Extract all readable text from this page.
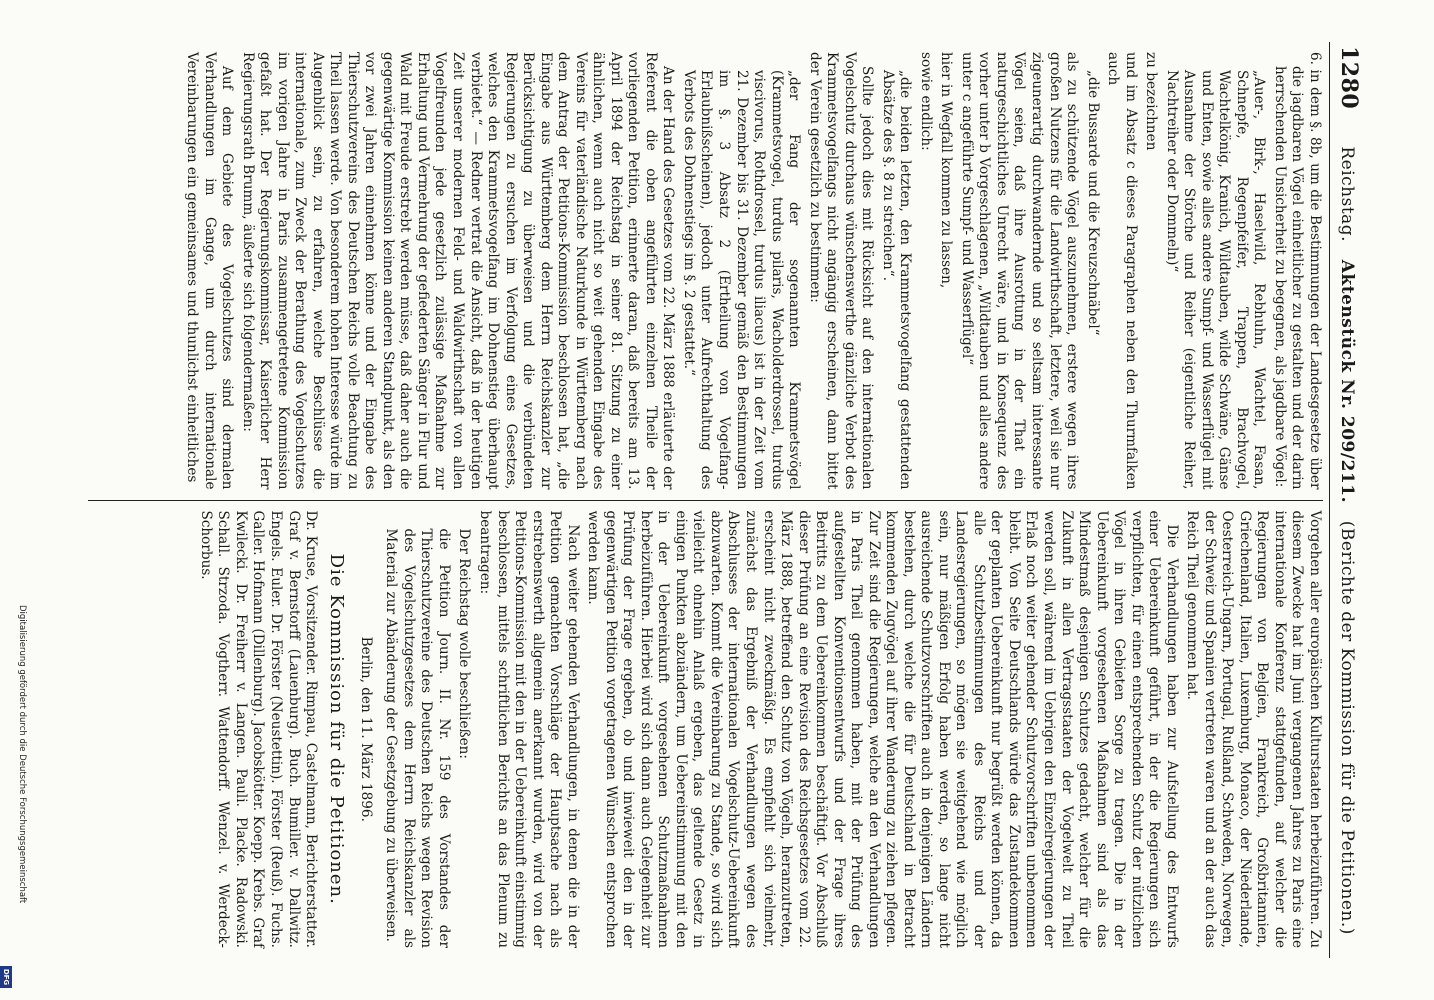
1280
Reichstag.   Aktenstück Nr. 209/211.   (Berichte der Kommission für die Petitionen.)

6. in dem §. 8b, um die Bestimmungen der Landesgesetze über die jagdbaren Vögel einheitlicher zu gestalten und der darin herrschenden Unsicherheit zu begegnen, als jagdbare Vögel:

„Auer-, Birk-, Haselwild, Rebhuhn, Wachtel, Fasan, Schnepfe, Regenpfeifer, Trappen, Brachvogel, Wachtelkönig, Kranich, Wildtauben, wilde Schwäne, Gänse und Enten, sowie alles andere Sumpf- und Wasserflügel mit Ausnahme der Störche und Reiher (eigentliche Reiher, Nachtreiher oder Dommeln)“

zu bezeichnen

und im Absatz c dieses Paragraphen neben den Thurmfalken auch

„die Bussarde und die Kreuzschnäbel“

als zu schützende Vögel auszunehmen, erstere wegen ihres großen Nutzens für die Landwirthschaft, letztere, weil sie nur zigeunerartig durchwandernde und so seltsam interessante Vögel seien, daß ihre Ausrottung in der That ein naturgeschichtliches Unrecht wäre, und in Konsequenz des vorher unter b Vorgeschlagenen, „Wildtauben und alles andere unter c angeführte Sumpf- und Wasserflügel“

hier in Wegfall kommen zu lassen,

sowie endlich:

„die beiden letzten, den Krammetsvogelfang gestattenden Absätze des §. 8 zu streichen“.

Sollte jedoch dies mit Rücksicht auf den internationalen Vogelschutz durchaus wünschenswerthe gänzliche Verbot des Krammetsvogelfangs nicht angängig erscheinen, dann bittet der Verein gesetzlich zu bestimmen:

„der Fang der sogenannten Krammetsvögel (Krammetsvogel, turdus pilaris, Wacholderdrossel, turdus viscivorus, Rothdrossel, turdus iliacus) ist in der Zeit vom 21. Dezember bis 31. Dezember gemäß den Bestimmungen im §. 3 Absatz 2 (Ertheilung von Vogelfang-Erlaubnißscheinen), jedoch unter Aufrechthaltung des Verbots des Dohnenstiegs im §. 2 gestattet.“

An der Hand des Gesetzes vom 22. März 1888 erläuterte der Referent die oben angeführten einzelnen Theile der vorliegenden Petition, erinnerte daran, daß bereits am 13. April 1894 der Reichstag in seiner 81. Sitzung zu einer ähnlichen, wenn auch nicht so weit gehenden Eingabe des Vereins für vaterländische Naturkunde in Württemberg nach dem Antrag der Petitions-Kommission beschlossen hat, „die Eingabe aus Württemberg dem Herrn Reichskanzler zur Berücksichtigung zu überweisen und die verbündeten Regierungen zu ersuchen im Verfolgung eines Gesetzes, welches den Krammetsvogelfang im Dohnenstieg überhaupt verbietet.“ — Redner vertrat die Ansicht, daß in der heutigen Zeit unserer modernen Feld- und Waldwirthschaft von allen Vogelfreunden jede gesetzlich zulässige Maßnahme zur Erhaltung und Vermehrung der gefiederten Sänger in Flur und Wald mit Freude erstrebt werden müsse, daß daher auch die gegenwärtige Kommission keinen anderen Standpunkt, als den vor zwei Jahren einnehmen könne und der Eingabe des Thierschutzvereins des Deutschen Reichs volle Beachtung zu Theil lassen werde. Von besonderem hohen Interesse würde im Augenblick sein, zu erfahren, welche Beschlüsse die internationale, zum Zweck der Berathung des Vogelschutzes im vorigen Jahre in Paris zusammengetretene Kommission gefaßt hat. Der Regierungskommissar, Kaiserlicher Herr Regierungsrath Brumm, äußerte sich folgendermaßen:

Auf dem Gebiete des Vogelschutzes sind dermalen Verhandlungen im Gange, um durch internationale Vereinbarungen ein gemeinsames und thunlichst einheitliches

Vorgehen aller europäischen Kulturstaaten herbeizuführen. Zu diesem Zwecke hat im Juni vergangenen Jahres zu Paris eine internationale Konferenz stattgefunden, auf welcher die Regierungen von Belgien, Frankreich, Großbritannien, Griechenland, Italien, Luxemburg, Monaco, der Niederlande, Oesterreich-Ungarn, Portugal, Rußland, Schweden, Norwegen, der Schweiz und Spanien vertreten waren und an der auch das Reich Theil genommen hat.

Die Verhandlungen haben zur Aufstellung des Entwurfs einer Uebereinkunft geführt, in der die Regierungen sich verpflichten, für einen entsprechenden Schutz der nützlichen Vögel in ihren Gebieten Sorge zu tragen. Die in der Uebereinkunft vorgesehenen Maßnahmen sind als das Mindestmaß desjenigen Schutzes gedacht, welcher für die Zukunft in allen Vertragsstaaten der Vogelwelt zu Theil werden soll, während im Uebrigen den Einzelregierungen der Erlaß noch weiter gehender Schutzvorschriften unbenommen bleibt. Von Seite Deutschlands würde das Zustandekommen der geplanten Uebereinkunft nur begrüßt werden können, da alle Schutzbestimmungen des Reichs und der Landesregierungen, so mögen sie weitgehend wie möglich sein, nur mäßigen Erfolg haben werden, so lange nicht ausreichende Schutzvorschriften auch in denjenigen Ländern bestehen, durch welche die für Deutschland in Betracht kommenden Zugvögel auf ihrer Wanderung zu ziehen pflegen. Zur Zeit sind die Regierungen, welche an den Verhandlungen in Paris Theil genommen haben, mit der Prüfung des aufgestellten Konventionsentwurfs und der Frage ihres Beitritts zu dem Uebereinkommen beschäftigt. Vor Abschluß dieser Prüfung an eine Revision des Reichsgesetzes vom 22. März 1888, betreffend den Schutz von Vögeln, heranzutreten, erscheint nicht zweckmäßig. Es empfiehlt sich vielmehr, zunächst das Ergebniß der Verhandlungen wegen des Abschlusses der internationalen Vogelschutz-Uebereinkunft abzuwarten. Kommt die Vereinbarung zu Stande, so wird sich vielleicht ohnehin Anlaß ergeben, das geltende Gesetz in einigen Punkten abzuändern, um Uebereinstimmung mit den in der Uebereinkunft vorgesehenen Schutzmaßnahmen herbeizuführen. Hierbei wird sich dann auch Gelegenheit zur Prüfung der Frage ergeben, ob und inwieweit den in der gegenwärtigen Petition vorgetragenen Wünschen entsprochen werden kann.

Nach weiter gehenden Verhandlungen, in denen die in der Petition gemachten Vorschläge der Hauptsache nach als erstrebenswerth allgemein anerkannt wurden, wird von der Petitions-Kommission mit den in der Uebereinkunft einstimmig beschlossen, mittels schriftlichen Berichts an das Plenum zu beantragen:

Der Reichstag wolle beschließen:

die Petition Journ. II. Nr. 159 des Vorstandes der Thierschutzvereine des Deutschen Reichs wegen Revision des Vogelschutzgesetzes dem Herrn Reichskanzler als Material zur Abänderung der Gesetzgebung zu überweisen.

Berlin, den 11. März 1896.

Die Kommission für die Petitionen.

Dr. Kruse, Vorsitzender. Rimpau, Castelmann, Berichterstatter. Graf v. Bernstorff (Lauenburg). Buch. Bumiller. v. Dallwitz. Engels. Euler. Dr. Förster (Neustettin). Förster (Reuß). Fuchs. Galler. Hofmann (Dillenburg). Jacobskötter. Koepp. Krebs. Graf Kwilecki. Dr. Freiherr v. Langen. Pauli. Placke. Radowski. Schall. Strzoda. Vogtherr. Wattendorff. Wenzel. v. Werdeck-Schorbus.

Digitalisierung gefördert durch die Deutsche Forschungsgemeinschaft
DFG
